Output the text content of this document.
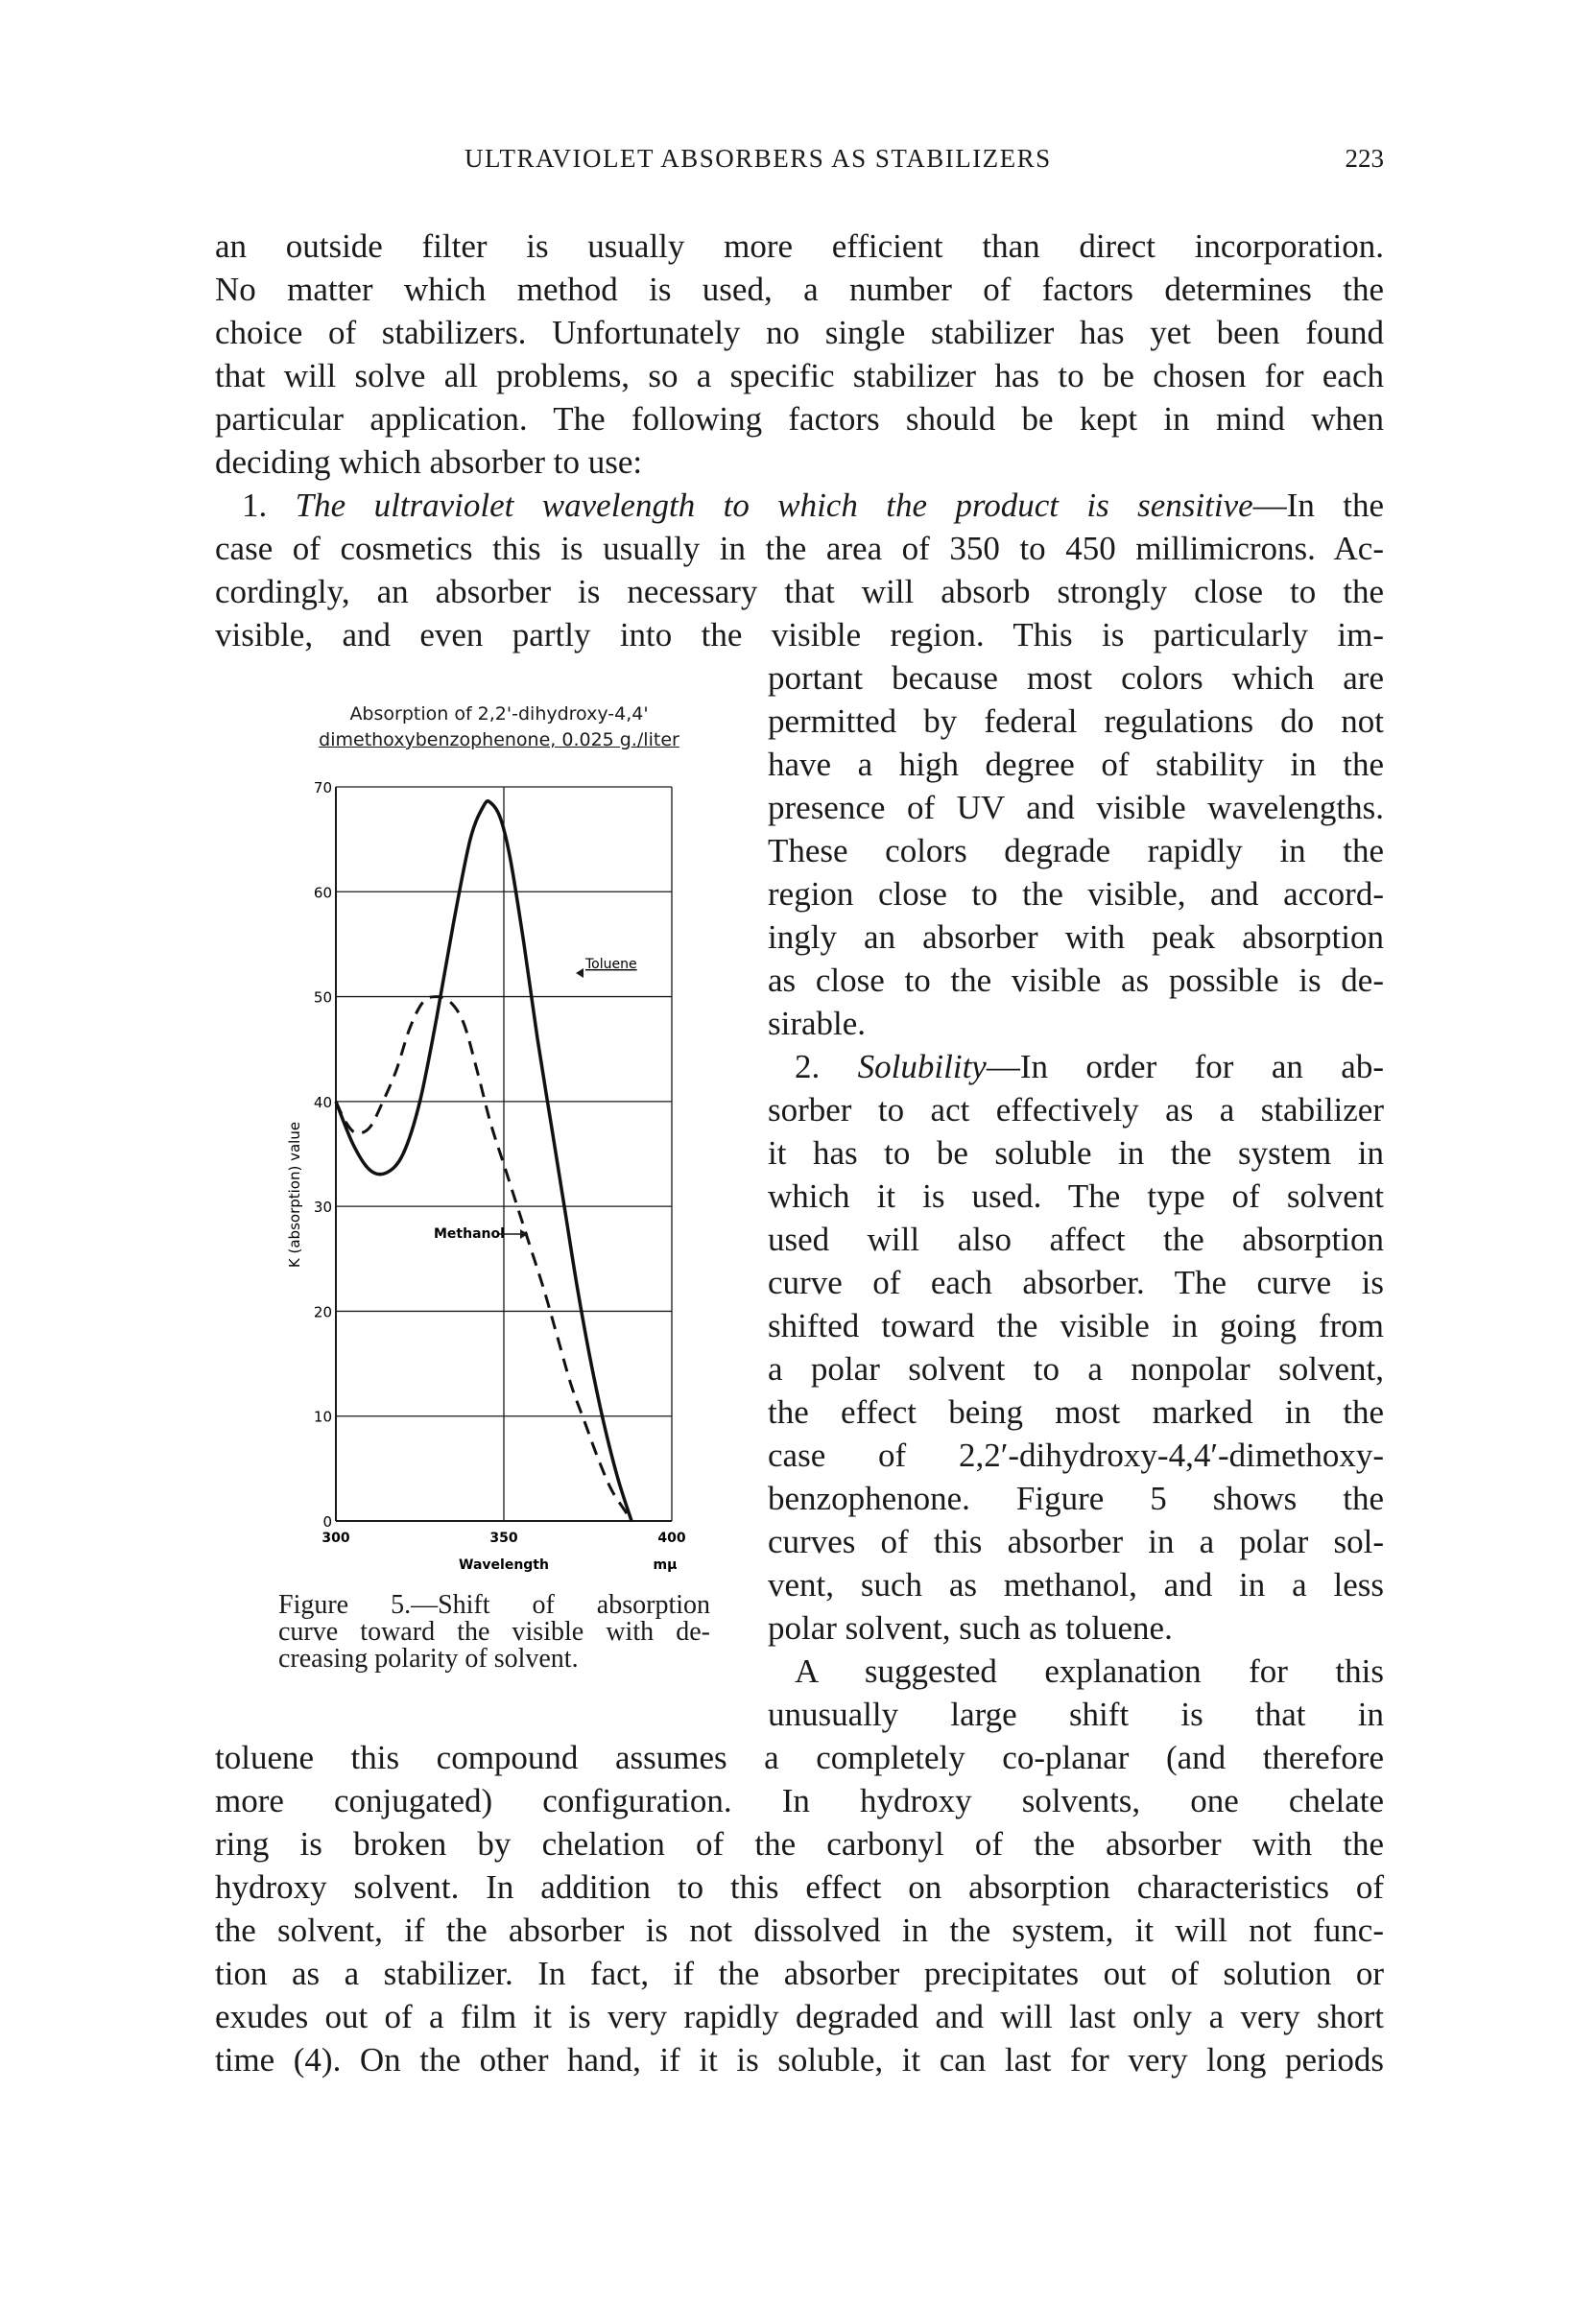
ULTRAVIOLET ABSORBERS AS STABILIZERS	223
an outside filter is usually more efficient than direct incorporation.
No matter which method is used, a number of factors determines the
choice of stabilizers. Unfortunately no single stabilizer has yet been found
that will solve all problems, so a specific stabilizer has to be chosen for each
particular application. The following factors should be kept in mind when
deciding which absorber to use:
1. The ultraviolet wavelength to which the product is sensitive—In the
case of cosmetics this is usually in the area of 350 to 450 millimicrons. Ac-
cordingly, an absorber is necessary that will absorb strongly close to the
visible, and even partly into the visible region. This is particularly im-
portant because most colors which are
permitted by federal regulations do not
have a high degree of stability in the
presence of UV and visible wavelengths.
These colors degrade rapidly in the
region close to the visible, and accord-
ingly an absorber with peak absorption
as close to the visible as possible is de-
sirable.
2. Solubility—In order for an ab-
sorber to act effectively as a stabilizer
it has to be soluble in the system in
which it is used. The type of solvent
used will also affect the absorption
curve of each absorber. The curve is
shifted toward the visible in going from
a polar solvent to a nonpolar solvent,
the effect being most marked in the
case of 2,2′-dihydroxy-4,4′-dimethoxy-
benzophenone. Figure 5 shows the
curves of this absorber in a polar sol-
vent, such as methanol, and in a less
polar solvent, such as toluene.
A suggested explanation for this
unusually large shift is that in
toluene this compound assumes a completely co-planar (and therefore
more conjugated) configuration. In hydroxy solvents, one chelate
ring is broken by chelation of the carbonyl of the absorber with the
hydroxy solvent. In addition to this effect on absorption characteristics of
the solvent, if the absorber is not dissolved in the system, it will not func-
tion as a stabilizer. In fact, if the absorber precipitates out of solution or
exudes out of a film it is very rapidly degraded and will last only a very short
time (4). On the other hand, if it is soluble, it can last for very long periods
Absorption of 2,2'-dihydroxy-4,4'
dimethoxybenzophenone, 0.025 g./liter
0
10
20
30
40
50
60
70
300	350	400
K (absorption) value
Wavelength	mμ
Toluene
Methanol
Figure 5.—Shift of absorption
curve toward the visible with de-
creasing polarity of solvent.
